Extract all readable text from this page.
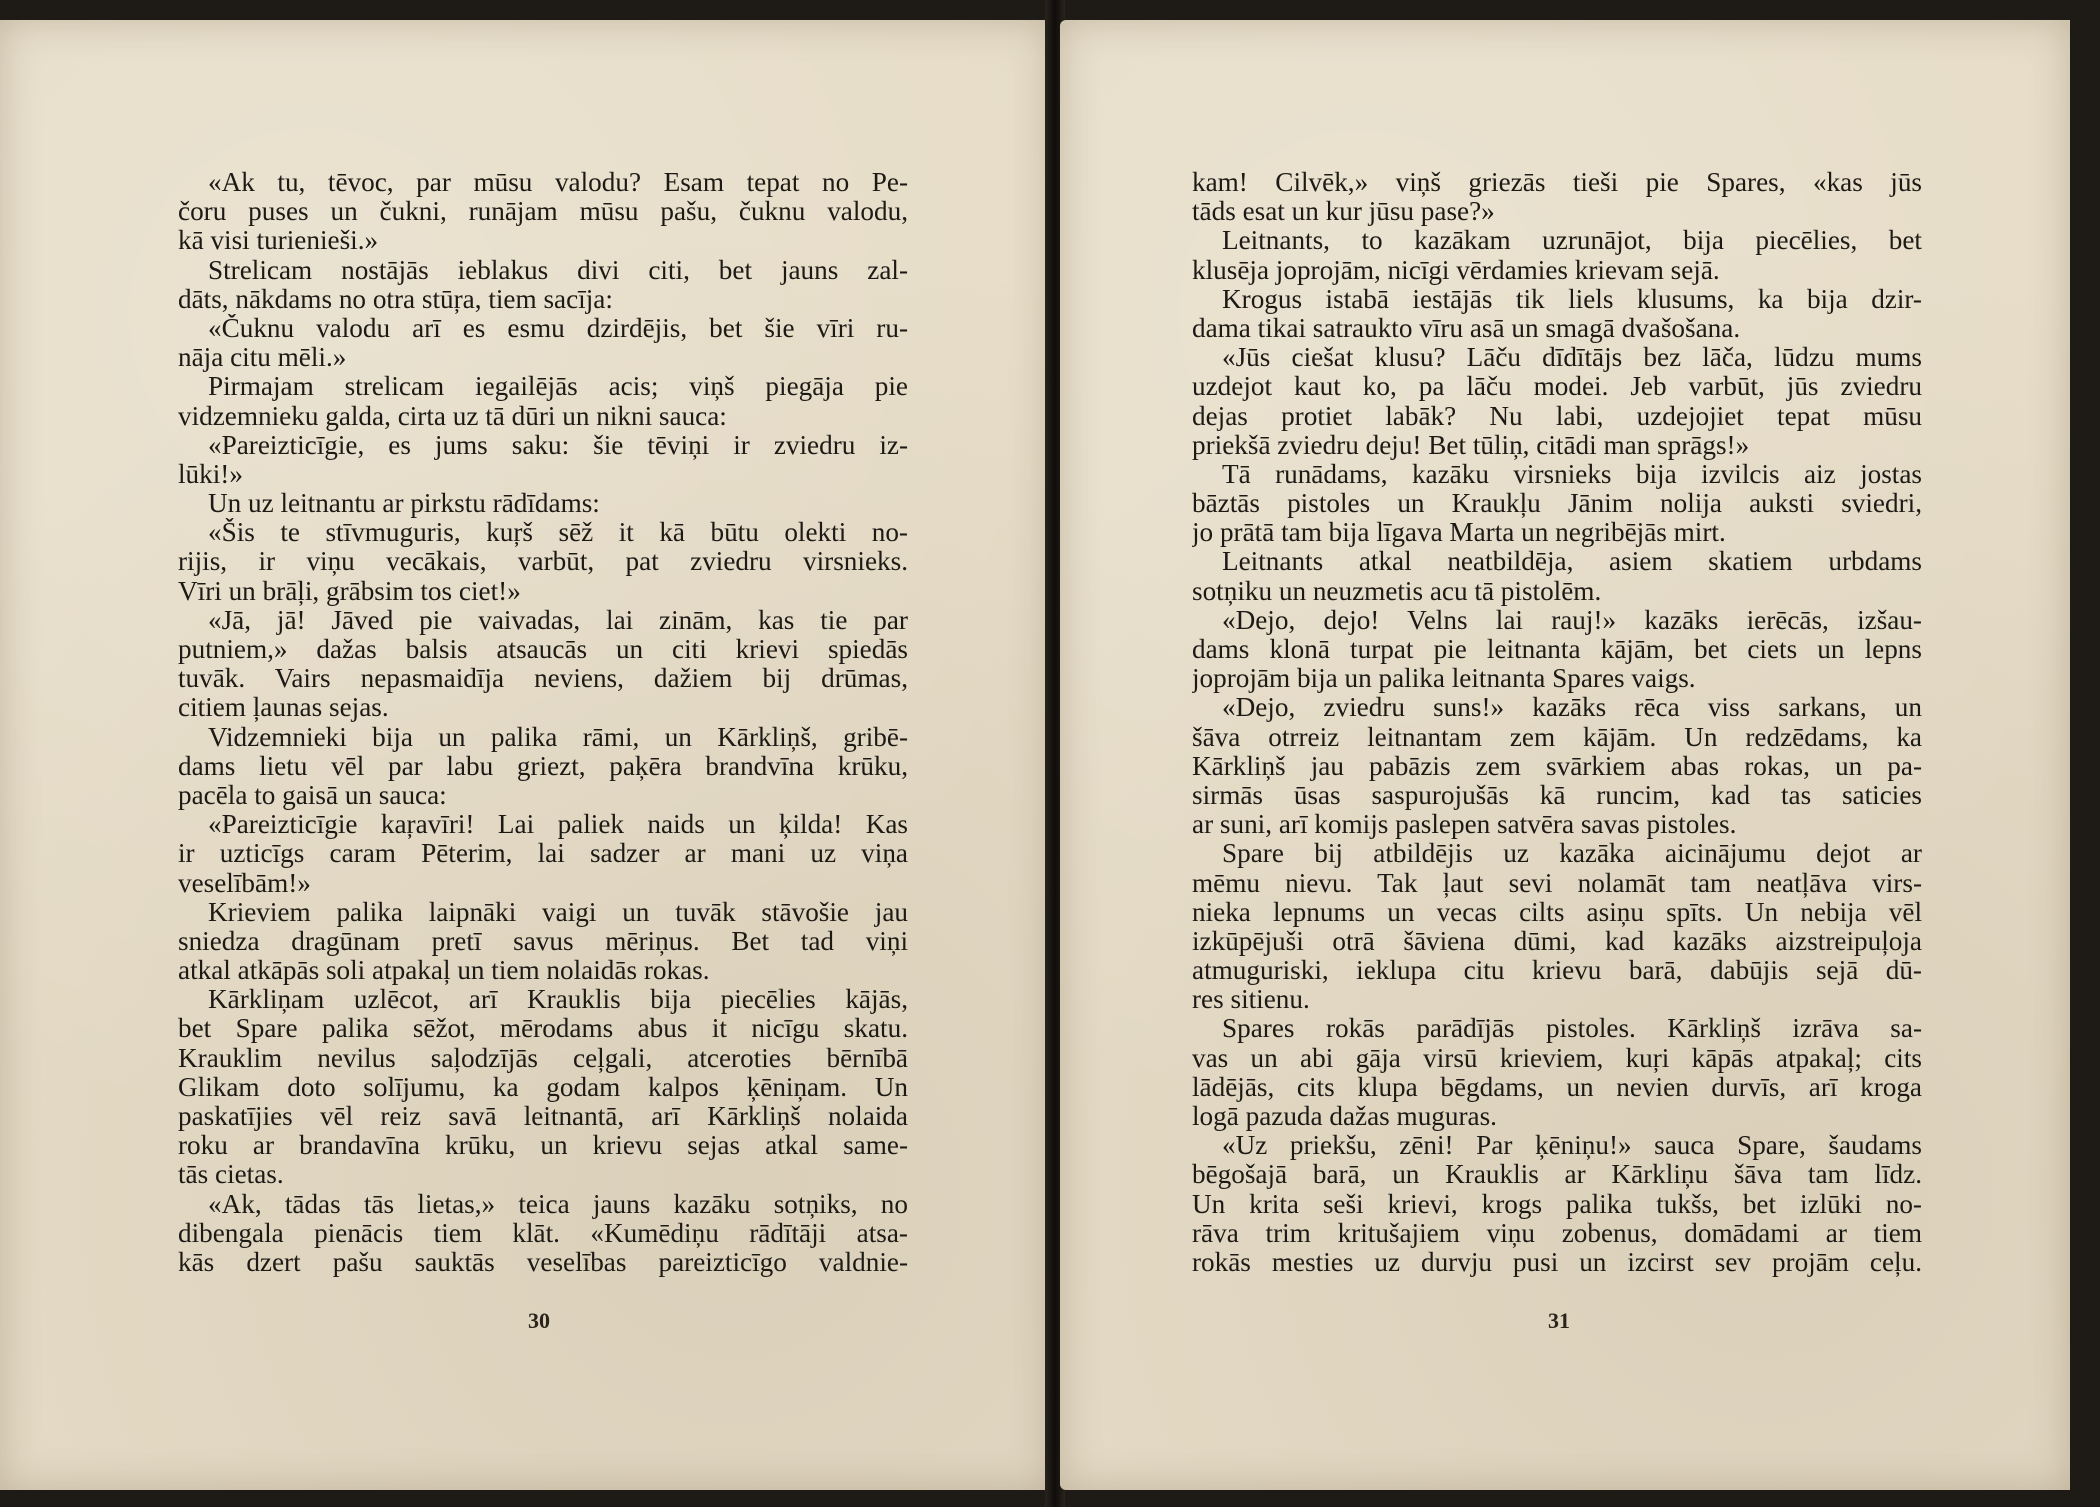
«Ak tu, tēvoc, par mūsu valodu? Esam tepat no Pe-
čoru puses un čukni, runājam mūsu pašu, čuknu valodu,
kā visi turienieši.»
Strelicam nostājās ieblakus divi citi, bet jauns zal-
dāts, nākdams no otra stūŗa, tiem sacīja:
«Čuknu valodu arī es esmu dzirdējis, bet šie vīri ru-
nāja citu mēli.»
Pirmajam strelicam iegailējās acis; viņš piegāja pie
vidzemnieku galda, cirta uz tā dūri un nikni sauca:
«Pareizticīgie, es jums saku: šie tēviņi ir zviedru iz-
lūki!»
Un uz leitnantu ar pirkstu rādīdams:
«Šis te stīvmuguris, kuŗš sēž it kā būtu olekti no-
rijis, ir viņu vecākais, varbūt, pat zviedru virsnieks.
Vīri un brāļi, grābsim tos ciet!»
«Jā, jā! Jāved pie vaivadas, lai zinām, kas tie par
putniem,» dažas balsis atsaucās un citi krievi spiedās
tuvāk. Vairs nepasmaidīja neviens, dažiem bij drūmas,
citiem ļaunas sejas.
Vidzemnieki bija un palika rāmi, un Kārkliņš, gribē-
dams lietu vēl par labu griezt, paķēra brandvīna krūku,
pacēla to gaisā un sauca:
«Pareizticīgie kaŗavīri! Lai paliek naids un ķilda! Kas
ir uzticīgs caram Pēterim, lai sadzer ar mani uz viņa
veselībām!»
Krieviem palika laipnāki vaigi un tuvāk stāvošie jau
sniedza dragūnam pretī savus mēriņus. Bet tad viņi
atkal atkāpās soli atpakaļ un tiem nolaidās rokas.
Kārkliņam uzlēcot, arī Krauklis bija piecēlies kājās,
bet Spare palika sēžot, mērodams abus it nicīgu skatu.
Krauklim nevilus saļodzījās ceļgali, atceroties bērnībā
Glikam doto solījumu, ka godam kalpos ķēniņam. Un
paskatījies vēl reiz savā leitnantā, arī Kārkliņš nolaida
roku ar brandavīna krūku, un krievu sejas atkal same-
tās cietas.
«Ak, tādas tās lietas,» teica jauns kazāku sotņiks, no
dibengala pienācis tiem klāt. «Kumēdiņu rādītāji atsa-
kās dzert pašu sauktās veselības pareizticīgo valdnie-
30
kam! Cilvēk,» viņš griezās tieši pie Spares, «kas jūs
tāds esat un kur jūsu pase?»
Leitnants, to kazākam uzrunājot, bija piecēlies, bet
klusēja joprojām, nicīgi vērdamies krievam sejā.
Krogus istabā iestājās tik liels klusums, ka bija dzir-
dama tikai satraukto vīru asā un smagā dvašošana.
«Jūs ciešat klusu? Lāču dīdītājs bez lāča, lūdzu mums
uzdejot kaut ko, pa lāču modei. Jeb varbūt, jūs zviedru
dejas protiet labāk? Nu labi, uzdejojiet tepat mūsu
priekšā zviedru deju! Bet tūliņ, citādi man sprāgs!»
Tā runādams, kazāku virsnieks bija izvilcis aiz jostas
bāztās pistoles un Kraukļu Jānim nolija auksti sviedri,
jo prātā tam bija līgava Marta un negribējās mirt.
Leitnants atkal neatbildēja, asiem skatiem urbdams
sotņiku un neuzmetis acu tā pistolēm.
«Dejo, dejo! Velns lai rauj!» kazāks ierēcās, izšau-
dams klonā turpat pie leitnanta kājām, bet ciets un lepns
joprojām bija un palika leitnanta Spares vaigs.
«Dejo, zviedru suns!» kazāks rēca viss sarkans, un
šāva otrreiz leitnantam zem kājām. Un redzēdams, ka
Kārkliņš jau pabāzis zem svārkiem abas rokas, un pa-
sirmās ūsas saspurojušās kā runcim, kad tas saticies
ar suni, arī komijs paslepen satvēra savas pistoles.
Spare bij atbildējis uz kazāka aicinājumu dejot ar
mēmu nievu. Tak ļaut sevi nolamāt tam neatļāva virs-
nieka lepnums un vecas cilts asiņu spīts. Un nebija vēl
izkūpējuši otrā šāviena dūmi, kad kazāks aizstreipuļoja
atmuguriski, ieklupa citu krievu barā, dabūjis sejā dū-
res sitienu.
Spares rokās parādījās pistoles. Kārkliņš izrāva sa-
vas un abi gāja virsū krieviem, kuŗi kāpās atpakaļ; cits
lādējās, cits klupa bēgdams, un nevien durvīs, arī kroga
logā pazuda dažas muguras.
«Uz priekšu, zēni! Par ķēniņu!» sauca Spare, šaudams
bēgošajā barā, un Krauklis ar Kārkliņu šāva tam līdz.
Un krita seši krievi, krogs palika tukšs, bet izlūki no-
rāva trim kritušajiem viņu zobenus, domādami ar tiem
rokās mesties uz durvju pusi un izcirst sev projām ceļu.
31
